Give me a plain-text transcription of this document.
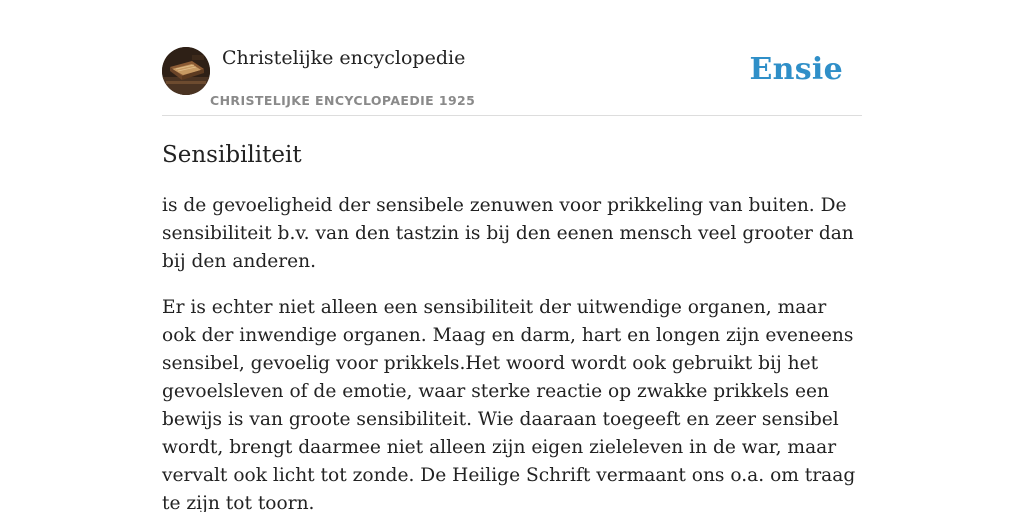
Christelijke encyclopedie
CHRISTELIJKE ENCYCLOPAEDIE 1925
Ensie
Sensibiliteit

is de gevoeligheid der sensibele zenuwen voor prikkeling van buiten. De sensibiliteit b.v. van den tastzin is bij den eenen mensch veel grooter dan bij den anderen.

Er is echter niet alleen een sensibiliteit der uitwendige organen, maar ook der inwendige organen. Maag en darm, hart en longen zijn eveneens sensibel, gevoelig voor prikkels.Het woord wordt ook gebruikt bij het gevoelsleven of de emotie, waar sterke reactie op zwakke prikkels een bewijs is van groote sensibiliteit. Wie daaraan toegeeft en zeer sensibel wordt, brengt daarmee niet alleen zijn eigen zieleleven in de war, maar vervalt ook licht tot zonde. De Heilige Schrift vermaant ons o.a. om traag te zijn tot toorn.
